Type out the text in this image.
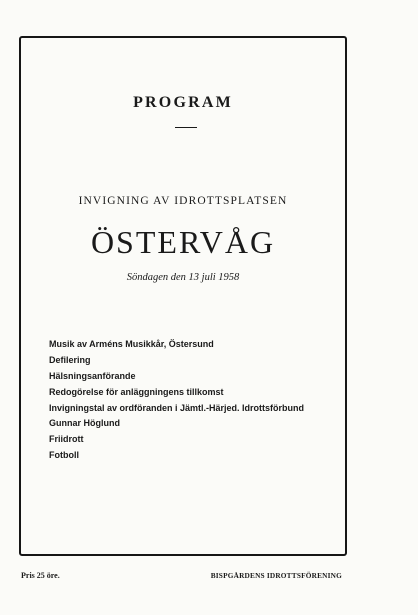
PROGRAM
INVIGNING AV IDROTTSPLATSEN
ÖSTERVÅG
Söndagen den 13 juli 1958
Musik av Arméns Musikkår, Östersund
Defilering
Hälsningsanförande
Redogörelse för anläggningens tillkomst
Invigningstal av ordföranden i Jämtl.-Härjed. Idrottsförbund
Gunnar Höglund
Friidrott
Fotboll
Pris 25 öre.	BISPGÅRDENS IDROTTSFÖRENING
